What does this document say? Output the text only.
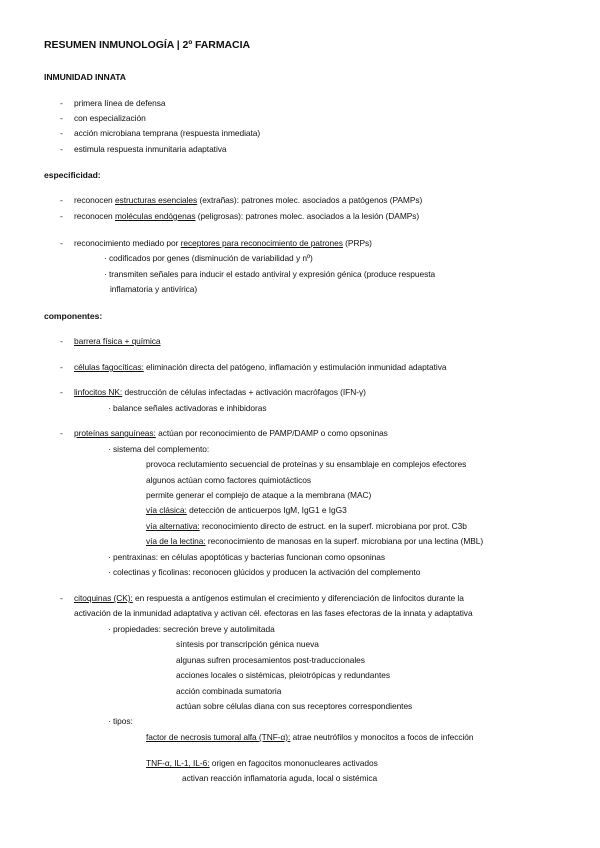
RESUMEN INMUNOLOGÍA | 2º FARMACIA
INMUNIDAD INNATA
- primera línea de defensa
- con especialización
- acción microbiana temprana (respuesta inmediata)
- estimula respuesta inmunitaria adaptativa
especificidad:
- reconocen estructuras esenciales (extrañas): patrones molec. asociados a patógenos (PAMPs)
- reconocen moléculas endógenas (peligrosas): patrones molec. asociados a la lesión (DAMPs)
- reconocimiento mediado por receptores para reconocimiento de patrones (PRPs)
· codificados por genes (disminución de variabilidad y nº)
· transmiten señales para inducir el estado antiviral y expresión génica (produce respuesta
inflamatoria y antivírica)
componentes:
- barrera física + química
- células fagocíticas: eliminación directa del patógeno, inflamación y estimulación inmunidad adaptativa
- linfocitos NK: destrucción de células infectadas + activación macrófagos (IFN-γ)
· balance señales activadoras e inhibidoras
- proteínas sanguíneas: actúan por reconocimiento de PAMP/DAMP o como opsoninas
· sistema del complemento:
provoca reclutamiento secuencial de proteínas y su ensamblaje en complejos efectores
algunos actúan como factores quimiotácticos
permite generar el complejo de ataque a la membrana (MAC)
vía clásica: detección de anticuerpos IgM, IgG1 e IgG3
vía alternativa: reconocimiento directo de estruct. en la superf. microbiana por prot. C3b
vía de la lectina: reconocimiento de manosas en la superf. microbiana por una lectina (MBL)
· pentraxinas: en células apoptóticas y bacterias funcionan como opsoninas
· colectinas y ficolinas: reconocen glúcidos y producen la activación del complemento
- citoquinas (CK): en respuesta a antígenos estimulan el crecimiento y diferenciación de linfocitos durante la
activación de la inmunidad adaptativa y activan cél. efectoras en las fases efectoras de la innata y adaptativa
· propiedades: secreción breve y autolimitada
síntesis por transcripción génica nueva
algunas sufren procesamientos post-traduccionales
acciones locales o sistémicas, pleiotrópicas y redundantes
acción combinada sumatoria
actúan sobre células diana con sus receptores correspondientes
· tipos:
factor de necrosis tumoral alfa (TNF-α): atrae neutrófilos y monocitos a focos de infección
TNF-α, IL-1, IL-6: origen en fagocitos mononucleares activados
activan reacción inflamatoria aguda, local o sistémica
